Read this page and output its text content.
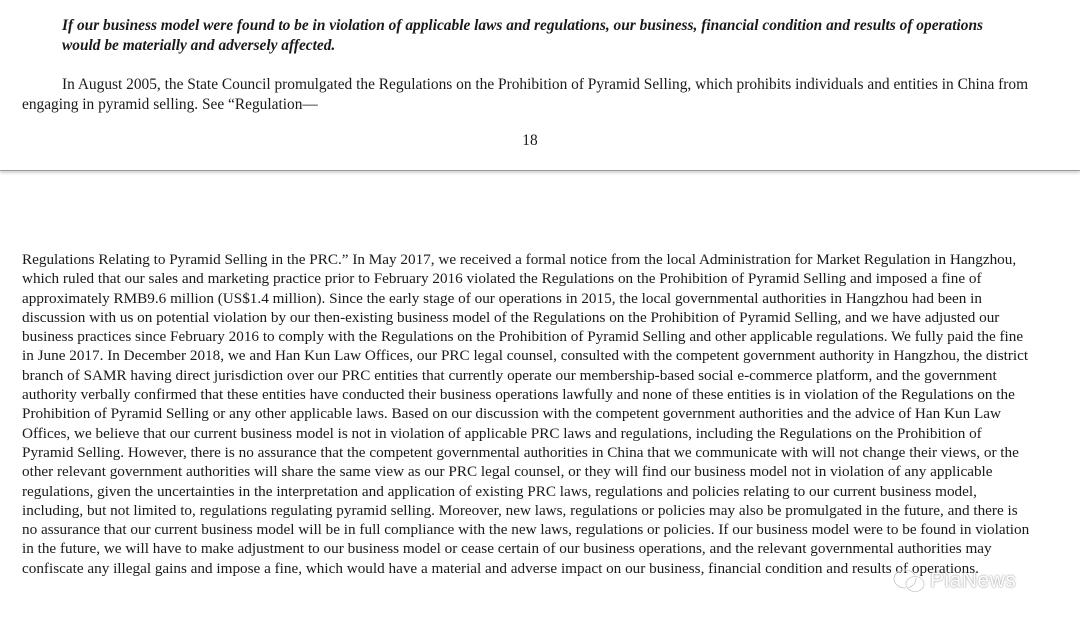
If our business model were found to be in violation of applicable laws and regulations, our business, financial condition and results of operations would be materially and adversely affected.

In August 2005, the State Council promulgated the Regulations on the Prohibition of Pyramid Selling, which prohibits individuals and entities in China from engaging in pyramid selling. See “Regulation—

18

Regulations Relating to Pyramid Selling in the PRC.” In May 2017, we received a formal notice from the local Administration for Market Regulation in Hangzhou, which ruled that our sales and marketing practice prior to February 2016 violated the Regulations on the Prohibition of Pyramid Selling and imposed a fine of approximately RMB9.6 million (US$1.4 million). Since the early stage of our operations in 2015, the local governmental authorities in Hangzhou had been in discussion with us on potential violation by our then-existing business model of the Regulations on the Prohibition of Pyramid Selling, and we have adjusted our business practices since February 2016 to comply with the Regulations on the Prohibition of Pyramid Selling and other applicable regulations. We fully paid the fine in June 2017. In December 2018, we and Han Kun Law Offices, our PRC legal counsel, consulted with the competent government authority in Hangzhou, the district branch of SAMR having direct jurisdiction over our PRC entities that currently operate our membership-based social e-commerce platform, and the government authority verbally confirmed that these entities have conducted their business operations lawfully and none of these entities is in violation of the Regulations on the Prohibition of Pyramid Selling or any other applicable laws. Based on our discussion with the competent government authorities and the advice of Han Kun Law Offices, we believe that our current business model is not in violation of applicable PRC laws and regulations, including the Regulations on the Prohibition of Pyramid Selling. However, there is no assurance that the competent governmental authorities in China that we communicate with will not change their views, or the other relevant government authorities will share the same view as our PRC legal counsel, or they will find our business model not in violation of any applicable regulations, given the uncertainties in the interpretation and application of existing PRC laws, regulations and policies relating to our current business model, including, but not limited to, regulations regulating pyramid selling. Moreover, new laws, regulations or policies may also be promulgated in the future, and there is no assurance that our current business model will be in full compliance with the new laws, regulations or policies. If our business model were to be found in violation in the future, we will have to make adjustment to our business model or cease certain of our business operations, and the relevant governmental authorities may confiscate any illegal gains and impose a fine, which would have a material and adverse impact on our business, financial condition and results of operations.

PiaNews
